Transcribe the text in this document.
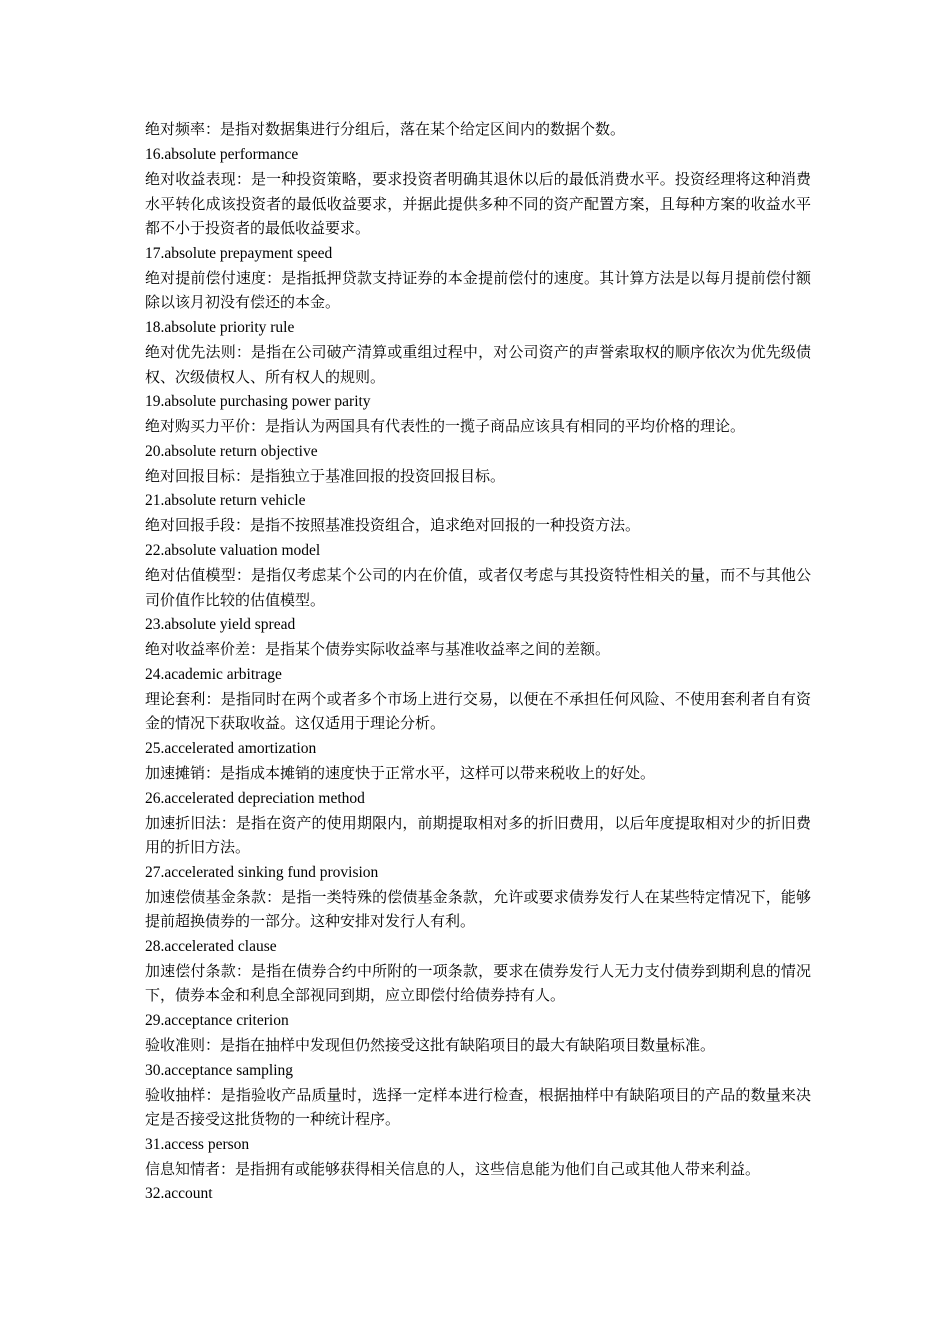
绝对频率：是指对数据集进行分组后，落在某个给定区间内的数据个数。
16.absolute performance
绝对收益表现：是一种投资策略，要求投资者明确其退休以后的最低消费水平。投资经理将这种消费水平转化成该投资者的最低收益要求，并据此提供多种不同的资产配置方案，且每种方案的收益水平都不小于投资者的最低收益要求。
17.absolute prepayment speed
绝对提前偿付速度：是指抵押贷款支持证券的本金提前偿付的速度。其计算方法是以每月提前偿付额除以该月初没有偿还的本金。
18.absolute priority rule
绝对优先法则：是指在公司破产清算或重组过程中，对公司资产的声誉索取权的顺序依次为优先级债权、次级债权人、所有权人的规则。
19.absolute purchasing power parity
绝对购买力平价：是指认为两国具有代表性的一揽子商品应该具有相同的平均价格的理论。
20.absolute return objective
绝对回报目标：是指独立于基准回报的投资回报目标。
21.absolute return vehicle
绝对回报手段：是指不按照基准投资组合，追求绝对回报的一种投资方法。
22.absolute valuation model
绝对估值模型：是指仅考虑某个公司的内在价值，或者仅考虑与其投资特性相关的量，而不与其他公司价值作比较的估值模型。
23.absolute yield spread
绝对收益率价差：是指某个债券实际收益率与基准收益率之间的差额。
24.academic arbitrage
理论套利：是指同时在两个或者多个市场上进行交易，以便在不承担任何风险、不使用套利者自有资金的情况下获取收益。这仅适用于理论分析。
25.accelerated amortization
加速摊销：是指成本摊销的速度快于正常水平，这样可以带来税收上的好处。
26.accelerated depreciation method
加速折旧法：是指在资产的使用期限内，前期提取相对多的折旧费用，以后年度提取相对少的折旧费用的折旧方法。
27.accelerated sinking fund provision
加速偿债基金条款：是指一类特殊的偿债基金条款，允许或要求债券发行人在某些特定情况下，能够提前超换债券的一部分。这种安排对发行人有利。
28.accelerated clause
加速偿付条款：是指在债券合约中所附的一项条款，要求在债券发行人无力支付债券到期利息的情况下，债券本金和利息全部视同到期，应立即偿付给债券持有人。
29.acceptance criterion
验收准则：是指在抽样中发现但仍然接受这批有缺陷项目的最大有缺陷项目数量标准。
30.acceptance sampling
验收抽样：是指验收产品质量时，选择一定样本进行检查，根据抽样中有缺陷项目的产品的数量来决定是否接受这批货物的一种统计程序。
31.access person
信息知情者：是指拥有或能够获得相关信息的人，这些信息能为他们自己或其他人带来利益。
32.account
